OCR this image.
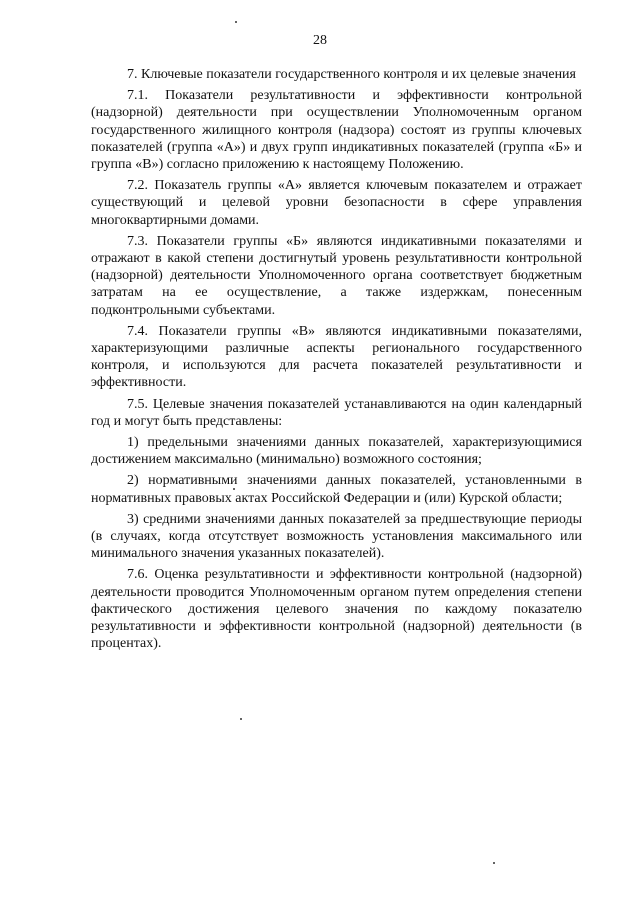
28

7. Ключевые показатели государственного контроля и их целевые значения

7.1. Показатели результативности и эффективности контрольной (надзорной) деятельности при осуществлении Уполномоченным органом государственного жилищного контроля (надзора) состоят из группы ключевых показателей (группа «А») и двух групп индикативных показателей (группа «Б» и группа «В») согласно приложению к настоящему Положению.

7.2. Показатель группы «А» является ключевым показателем и отражает существующий и целевой уровни безопасности в сфере управления многоквартирными домами.

7.3. Показатели группы «Б» являются индикативными показателями и отражают в какой степени достигнутый уровень результативности контрольной (надзорной) деятельности Уполномоченного органа соответствует бюджетным затратам на ее осуществление, а также издержкам, понесенным подконтрольными субъектами.

7.4. Показатели группы «В» являются индикативными показателями, характеризующими различные аспекты регионального государственного контроля, и используются для расчета показателей результативности и эффективности.

7.5. Целевые значения показателей устанавливаются на один календарный год и могут быть представлены:

1) предельными значениями данных показателей, характеризующимися достижением максимально (минимально) возможного состояния;

2) нормативными значениями данных показателей, установленными в нормативных правовых актах Российской Федерации и (или) Курской области;

3) средними значениями данных показателей за предшествующие периоды (в случаях, когда отсутствует возможность установления максимального или минимального значения указанных показателей).

7.6. Оценка результативности и эффективности контрольной (надзорной) деятельности проводится Уполномоченным органом путем определения степени фактического достижения целевого значения по каждому показателю результативности и эффективности контрольной (надзорной) деятельности (в процентах).
